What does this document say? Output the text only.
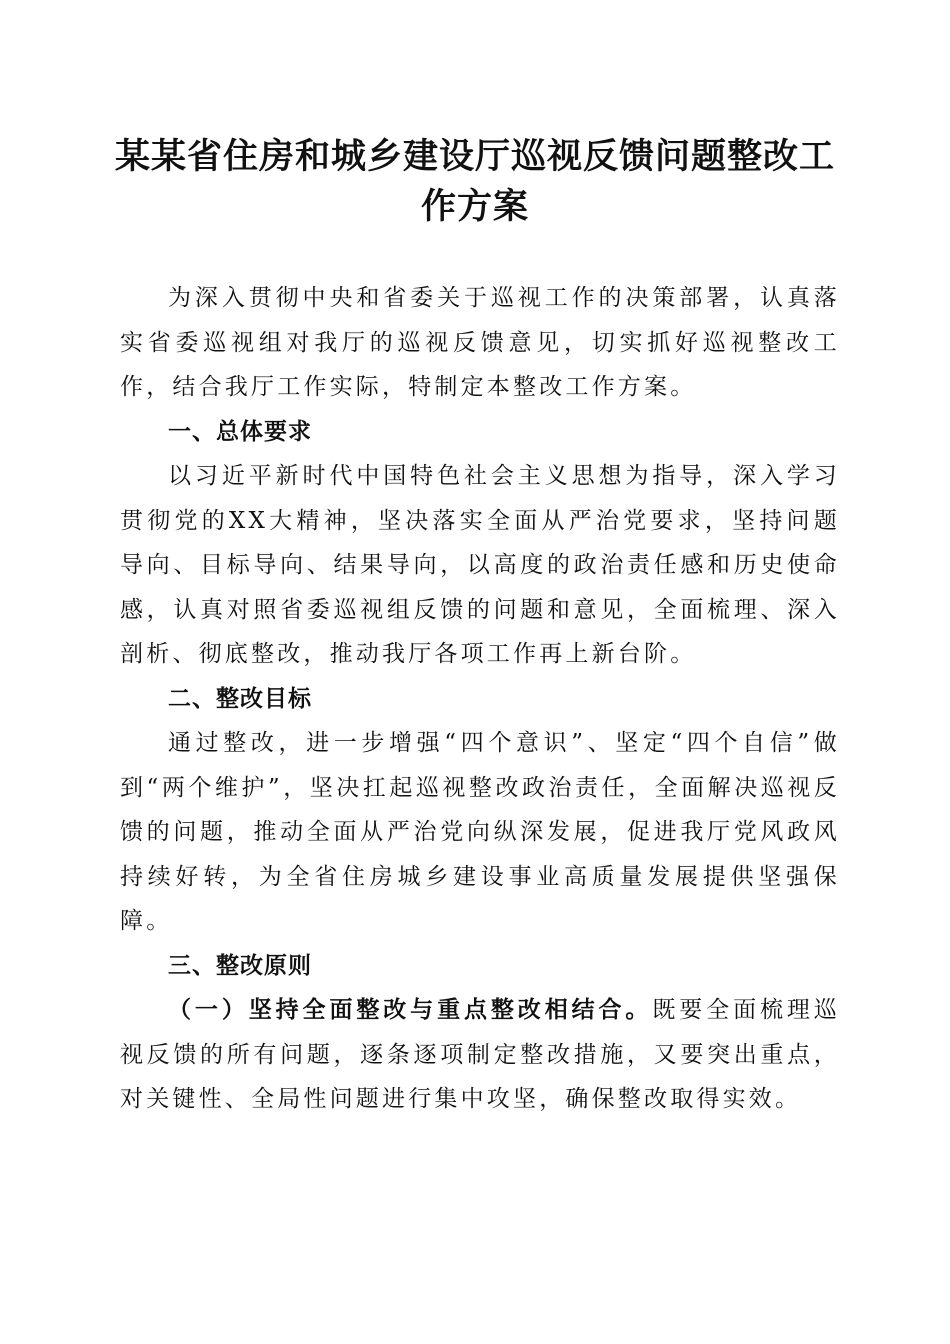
某某省住房和城乡建设厅巡视反馈问题整改工作方案

为深入贯彻中央和省委关于巡视工作的决策部署，认真落实省委巡视组对我厅的巡视反馈意见，切实抓好巡视整改工作，结合我厅工作实际，特制定本整改工作方案。

一、总体要求

以习近平新时代中国特色社会主义思想为指导，深入学习贯彻党的XX大精神，坚决落实全面从严治党要求，坚持问题导向、目标导向、结果导向，以高度的政治责任感和历史使命感，认真对照省委巡视组反馈的问题和意见，全面梳理、深入剖析、彻底整改，推动我厅各项工作再上新台阶。

二、整改目标

通过整改，进一步增强“四个意识”、坚定“四个自信”做到“两个维护”，坚决扛起巡视整改政治责任，全面解决巡视反馈的问题，推动全面从严治党向纵深发展，促进我厅党风政风持续好转，为全省住房城乡建设事业高质量发展提供坚强保障。

三、整改原则

（一）坚持全面整改与重点整改相结合。既要全面梳理巡视反馈的所有问题，逐条逐项制定整改措施，又要突出重点，对关键性、全局性问题进行集中攻坚，确保整改取得实效。
